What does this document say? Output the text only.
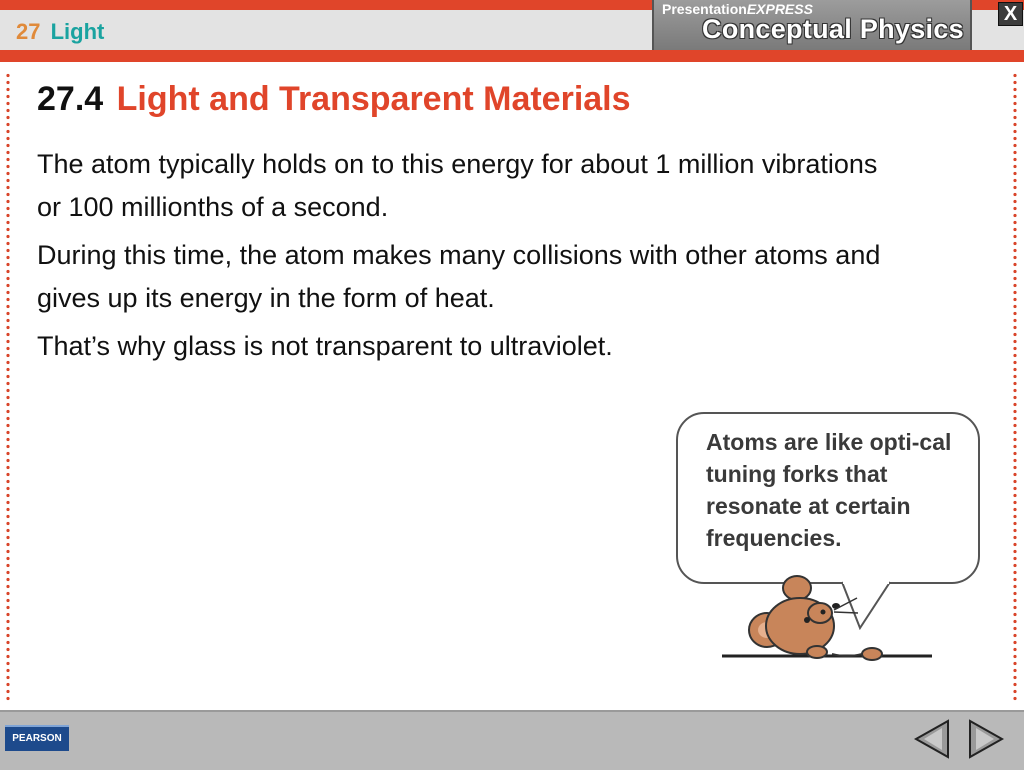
27 Light
PresentationEXPRESS
Conceptual Physics X
27.4 Light and Transparent Materials

The atom typically holds on to this energy for about 1 million vibrations or 100 millionths of a second.

During this time, the atom makes many collisions with other atoms and gives up its energy in the form of heat.

That’s why glass is not transparent to ultraviolet.

Atoms are like opti-cal tuning forks that resonate at certain frequencies.
PEARSON
